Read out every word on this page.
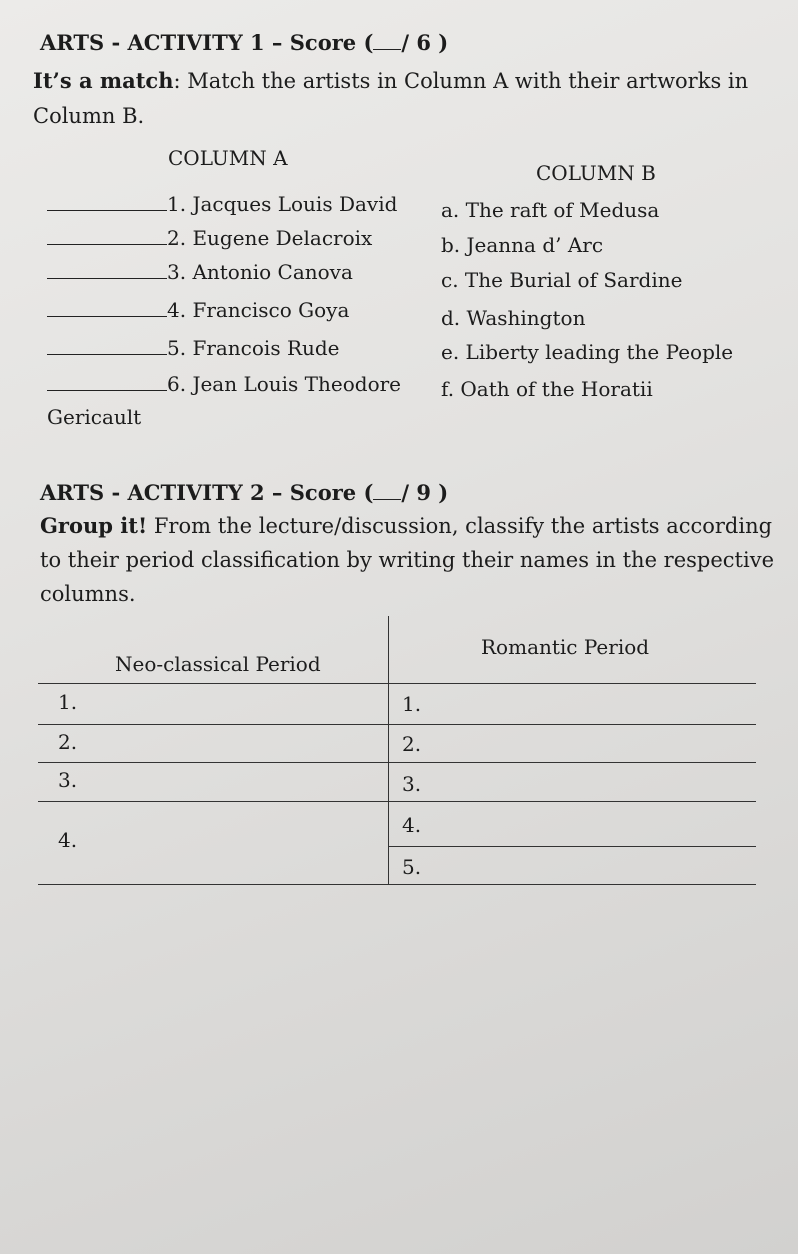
ARTS - ACTIVITY 1 – Score ( / 6 )
It’s a match: Match the artists in Column A with their artworks in
Column B.
COLUMN A
COLUMN B
1. Jacques Louis David
2. Eugene Delacroix
3. Antonio Canova
4. Francisco Goya
5. Francois Rude
6. Jean Louis Theodore
Gericault
a. The raft of Medusa
b. Jeanna d’ Arc
c. The Burial of Sardine
d. Washington
e. Liberty leading the People
f. Oath of the Horatii
ARTS - ACTIVITY 2 – Score ( / 9 )
Group it! From the lecture/discussion, classify the artists according
to their period classification by writing their names in the respective
columns.
Neo-classical Period
Romantic Period
1.
2.
3.
4.
1.
2.
3.
4.
5.
